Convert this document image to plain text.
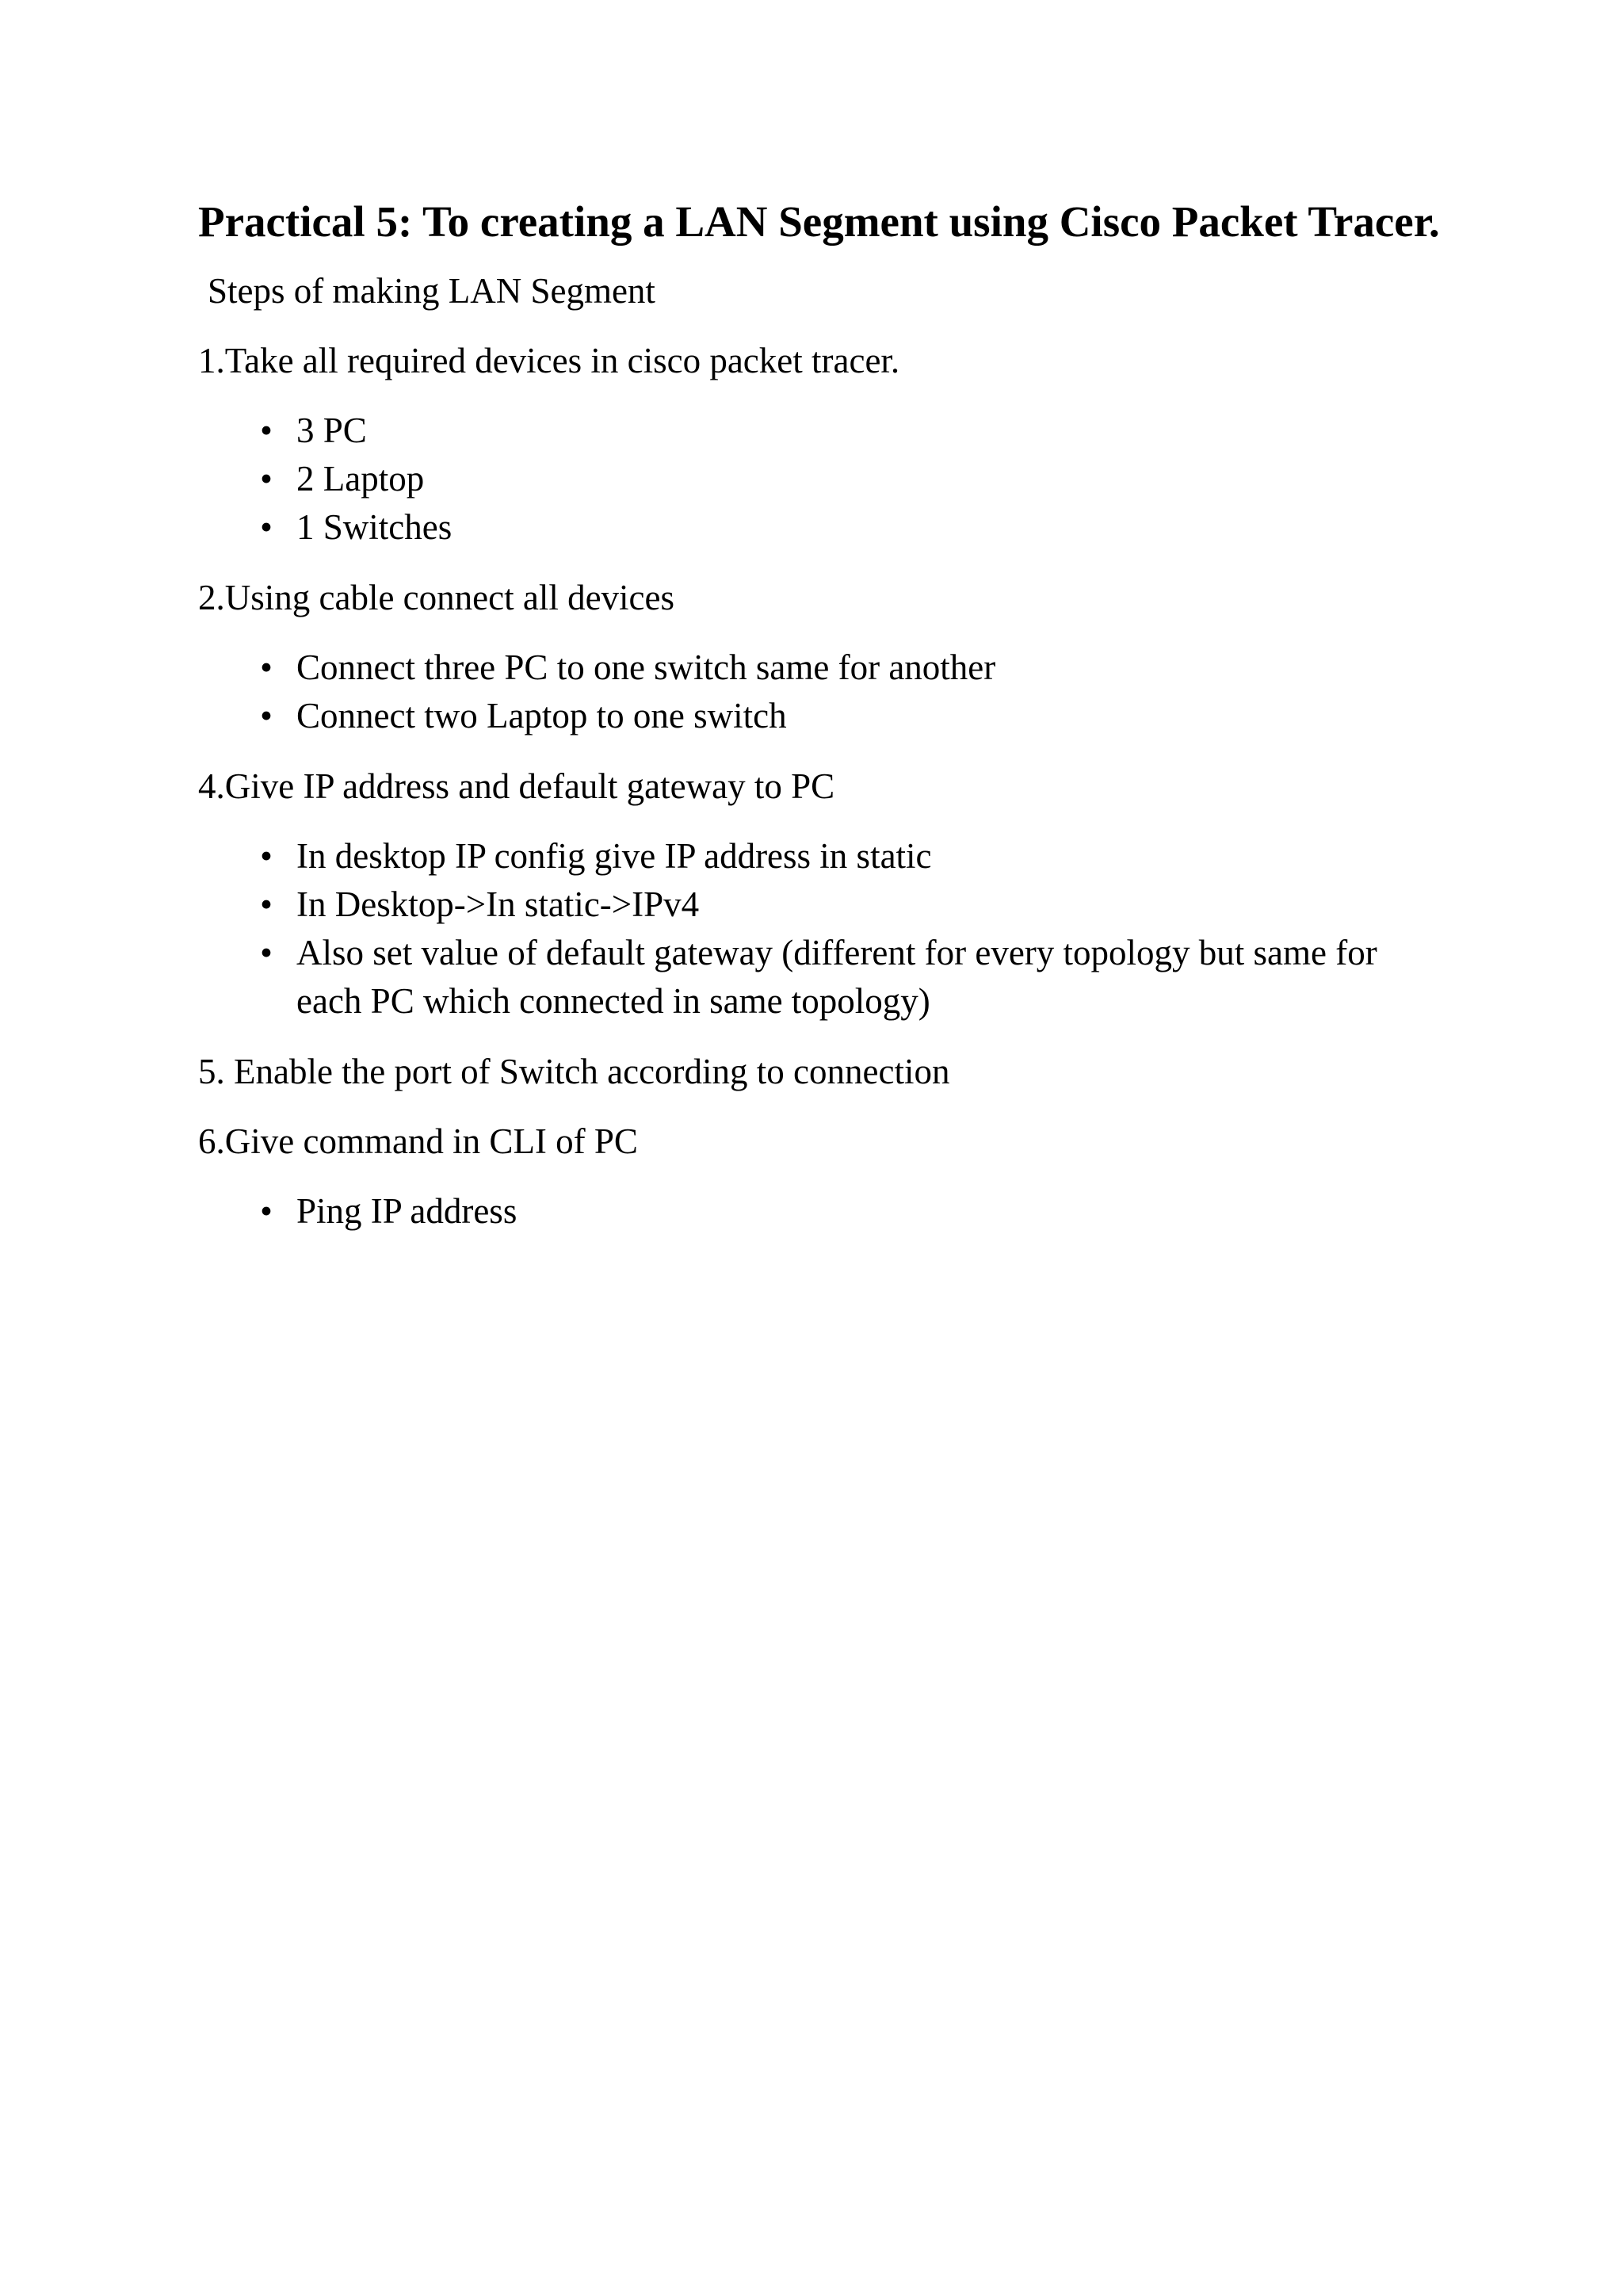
Practical 5: To creating a LAN Segment using Cisco Packet Tracer.

Steps of making LAN Segment

1.Take all required devices in cisco packet tracer.

• 3 PC
• 2 Laptop
• 1 Switches

2.Using cable connect all devices

• Connect three PC to one switch same for another
• Connect two Laptop to one switch

4.Give IP address and default gateway to PC

• In desktop IP config give IP address in static
• In Desktop->In static->IPv4
• Also set value of default gateway (different for every topology but same for each PC which connected in same topology)

5. Enable the port of Switch according to connection

6.Give command in CLI of PC

• Ping IP address
